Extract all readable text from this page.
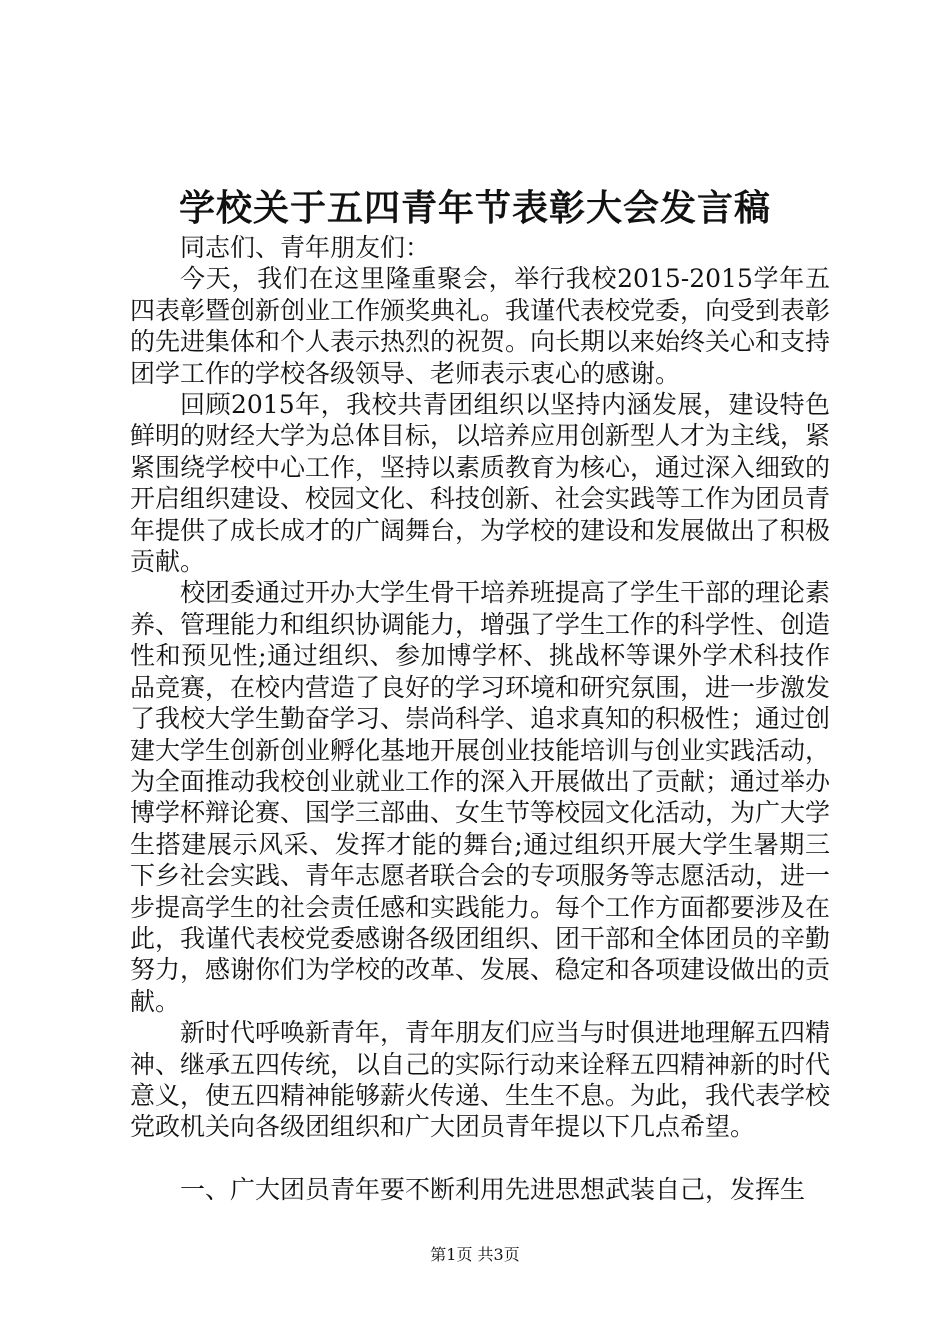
学校关于五四青年节表彰大会发言稿

同志们、青年朋友们：

今天，我们在这里隆重聚会，举行我校2015-2015学年五四表彰暨创新创业工作颁奖典礼。我谨代表校党委，向受到表彰的先进集体和个人表示热烈的祝贺。向长期以来始终关心和支持团学工作的学校各级领导、老师表示衷心的感谢。

回顾2015年，我校共青团组织以坚持内涵发展，建设特色鲜明的财经大学为总体目标，以培养应用创新型人才为主线，紧紧围绕学校中心工作，坚持以素质教育为核心，通过深入细致的开启组织建设、校园文化、科技创新、社会实践等工作为团员青年提供了成长成才的广阔舞台，为学校的建设和发展做出了积极贡献。

校团委通过开办大学生骨干培养班提高了学生干部的理论素养、管理能力和组织协调能力，增强了学生工作的科学性、创造性和预见性;通过组织、参加博学杯、挑战杯等课外学术科技作品竞赛，在校内营造了良好的学习环境和研究氛围，进一步激发了我校大学生勤奋学习、崇尚科学、追求真知的积极性；通过创建大学生创新创业孵化基地开展创业技能培训与创业实践活动，为全面推动我校创业就业工作的深入开展做出了贡献；通过举办博学杯辩论赛、国学三部曲、女生节等校园文化活动，为广大学生搭建展示风采、发挥才能的舞台;通过组织开展大学生暑期三下乡社会实践、青年志愿者联合会的专项服务等志愿活动，进一步提高学生的社会责任感和实践能力。每个工作方面都要涉及在此，我谨代表校党委感谢各级团组织、团干部和全体团员的辛勤努力，感谢你们为学校的改革、发展、稳定和各项建设做出的贡献。

新时代呼唤新青年，青年朋友们应当与时俱进地理解五四精神、继承五四传统，以自己的实际行动来诠释五四精神新的时代意义，使五四精神能够薪火传递、生生不息。为此，我代表学校党政机关向各级团组织和广大团员青年提以下几点希望。

一、广大团员青年要不断利用先进思想武装自己，发挥生

第1页 共3页
